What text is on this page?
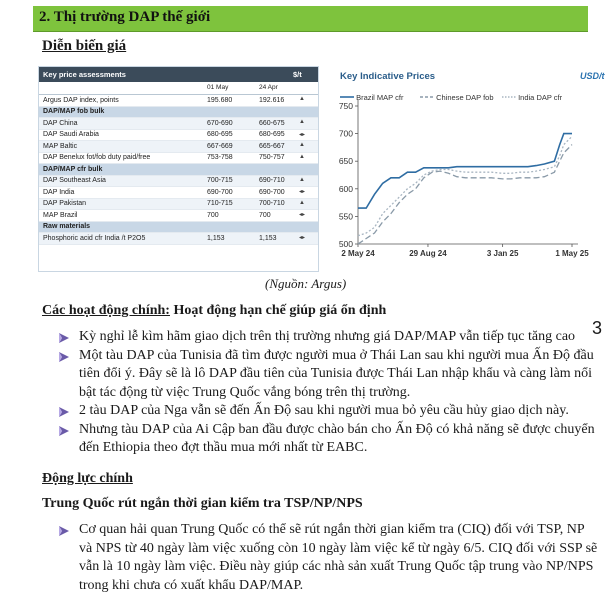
2. Thị trường DAP thế giới
Diễn biến giá
Key price assessments	$/t
01 May	24 Apr
Argus DAP index, points	195.680	192.616 ▲
DAP/MAP fob bulk
DAP China	670-690	660-675 ▲
DAP Saudi Arabia	680-695	680-695 ◂▸
MAP Baltic	667-669	665-667 ▲
DAP Benelux fot/fob duty paid/free	753-758	750-757 ▲
DAP/MAP cfr bulk
DAP Southeast Asia	700-715	690-710 ▲
DAP India	690-700	690-700 ◂▸
DAP Pakistan	710-715	700-710 ▲
MAP Brazil	700	700	◂▸
Raw materials
Phosphoric acid cfr India /t P2O5	1,153	1,153	◂▸
Key Indicative Prices	USD/t
Brazil MAP cfr	Chinese DAP fob	India DAP cfr
500
550
600
650
700
750
2 May 24	29 Aug 24	3 Jan 25	1 May 25
(Nguồn: Argus)
Các hoạt động chính: Hoạt động hạn chế giúp giá ổn định
3
Kỳ nghỉ lễ kìm hãm giao dịch trên thị trường nhưng giá DAP/MAP vẫn tiếp tục tăng cao
Một tàu DAP của Tunisia đã tìm được người mua ở Thái Lan sau khi người mua Ấn Độ đầu tiên đổi ý. Đây sẽ là lô DAP đầu tiên của Tunisia được Thái Lan nhập khẩu và càng làm nổi bật tác động từ việc Trung Quốc vắng bóng trên thị trường.
2 tàu DAP của Nga vẫn sẽ đến Ấn Độ sau khi người mua bỏ yêu cầu hủy giao dịch này.
Nhưng tàu DAP của Ai Cập ban đầu được chào bán cho Ấn Độ có khả năng sẽ được chuyển đến Ethiopia theo đợt thầu mua mới nhất từ EABC.
Động lực chính
Trung Quốc rút ngắn thời gian kiểm tra TSP/NP/NPS
Cơ quan hải quan Trung Quốc có thể sẽ rút ngắn thời gian kiểm tra (CIQ) đối với TSP, NP và NPS từ 40 ngày làm việc xuống còn 10 ngày làm việc kể từ ngày 6/5. CIQ đối với SSP sẽ vẫn là 10 ngày làm việc. Điều này giúp các nhà sản xuất Trung Quốc tập trung vào NP/NPS trong khi chưa có xuất khẩu DAP/MAP.
